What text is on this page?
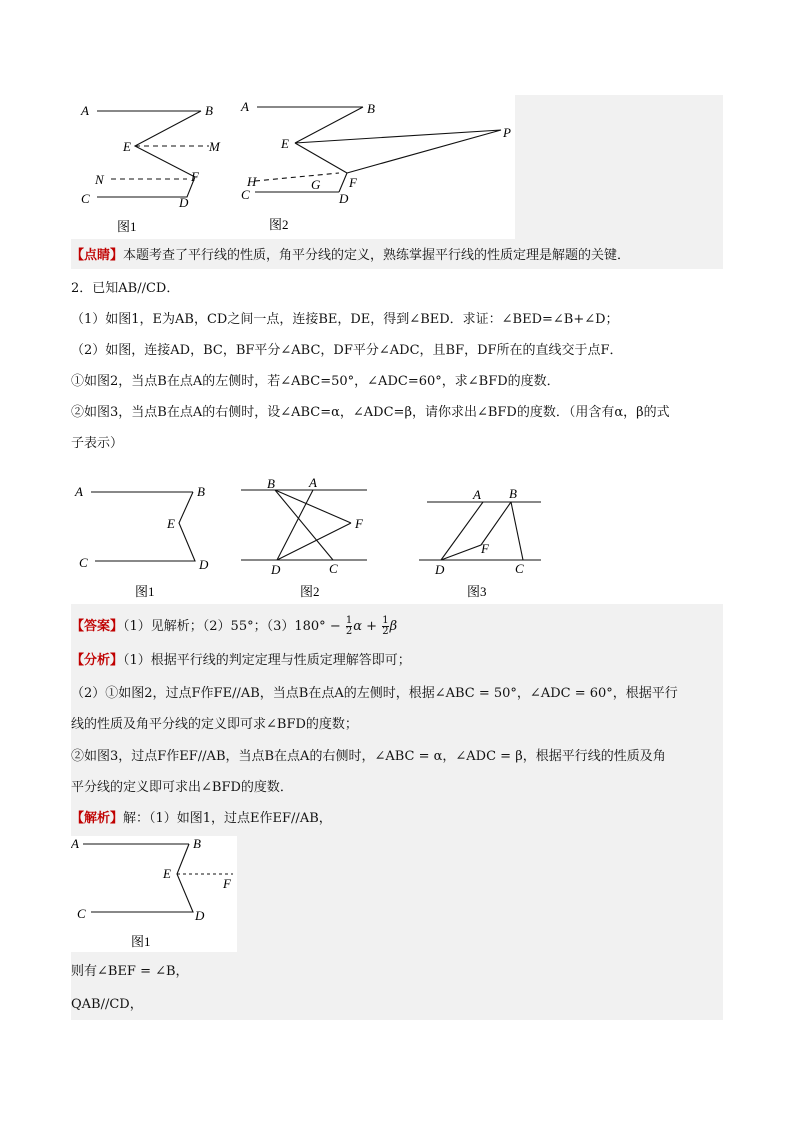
A	B
E	M
N	F
C	D
图1
A	B
E
P
H	G F
C	D
图2
【点睛】本题考查了平行线的性质，角平分线的定义，熟练掌握平行线的性质定理是解题的关键．
2．已知AB//CD．
（1）如图1，E为AB，CD之间一点，连接BE，DE，得到∠BED．求证：∠BED=∠B+∠D；
（2）如图，连接AD，BC，BF平分∠ABC，DF平分∠ADC，且BF，DF所在的直线交于点F．
①如图2，当点B在点A的左侧时，若∠ABC=50°，∠ADC=60°，求∠BFD的度数．
②如图3，当点B在点A的右侧时，设∠ABC=α，∠ADC=β，请你求出∠BFD的度数．（用含有α，β的式
子表示）
A	B
E
C	D
图1
B	A
F
D	C
图2
A B
F
D	C
图3
【答案】（1）见解析；（2）55°；$(3)180^\circ - \frac{1}{2}$ $\alpha + \frac{1}{2}$ β
【分析】（1）根据平行线的判定定理与性质定理解答即可；
（2）①如图2，过点F作FE//AB，当点B在点A的左侧时，根据∠ABC = 50°，∠ADC = 60°，根据平行
线的性质及角平分线的定义即可求∠BFD的度数；
②如图3，过点F作EF//AB，当点B在点A的右侧时，∠ABC = α，∠ADC = β，根据平行线的性质及角
平分线的定义即可求出∠BFD的度数．
【解析】解：（1）如图1，过点E作EF//AB，
A	B
E
F
C	D
图1
则有∠BEF = ∠B，
QAB//CD，
